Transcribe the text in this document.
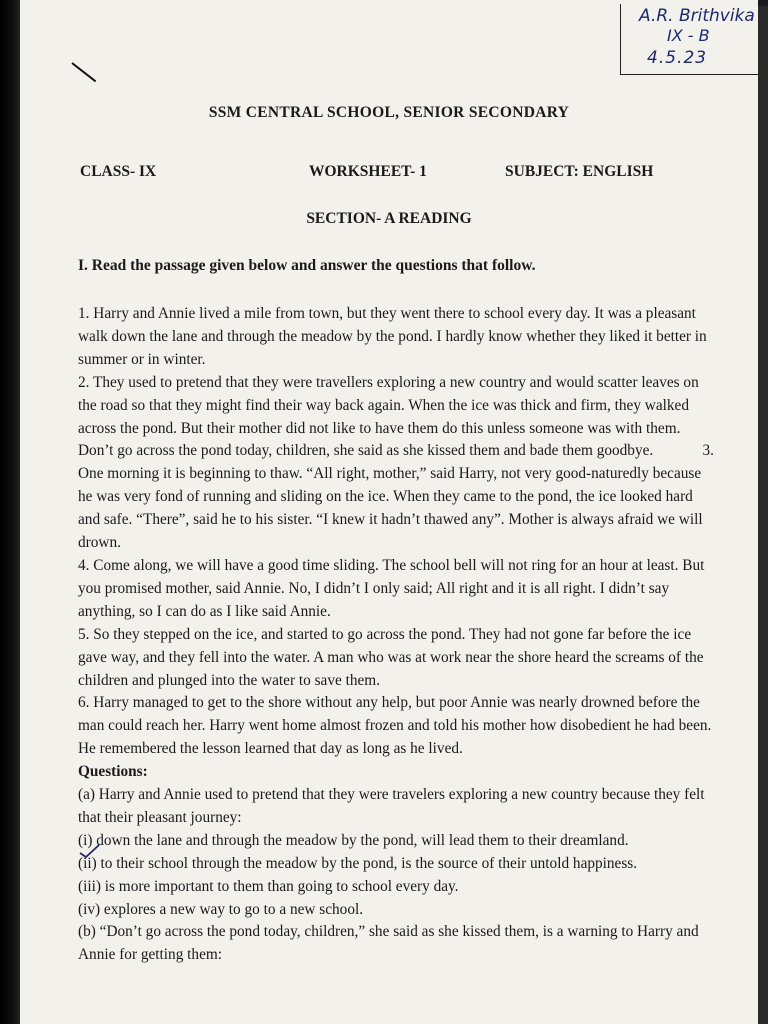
A.R. Brithvika
IX - B
4.5.23
SSM CENTRAL SCHOOL, SENIOR SECONDARY
CLASS- IX	WORKSHEET- 1	SUBJECT: ENGLISH
SECTION- A READING
I. Read the passage given below and answer the questions that follow.

1. Harry and Annie lived a mile from town, but they went there to school every day. It was a pleasant walk down the lane and through the meadow by the pond. I hardly know whether they liked it better in summer or in winter.

2. They used to pretend that they were travellers exploring a new country and would scatter leaves on the road so that they might find their way back again. When the ice was thick and firm, they walked across the pond. But their mother did not like to have them do this unless someone was with them. Don’t go across the pond today, children, she said as she kissed them and bade them goodbye.	3.

One morning it is beginning to thaw. “All right, mother,” said Harry, not very good-naturedly because he was very fond of running and sliding on the ice. When they came to the pond, the ice looked hard and safe. “There”, said he to his sister. “I knew it hadn’t thawed any”. Mother is always afraid we will drown.

4. Come along, we will have a good time sliding. The school bell will not ring for an hour at least. But you promised mother, said Annie. No, I didn’t I only said; All right and it is all right. I didn’t say anything, so I can do as I like said Annie.

5. So they stepped on the ice, and started to go across the pond. They had not gone far before the ice gave way, and they fell into the water. A man who was at work near the shore heard the screams of the children and plunged into the water to save them.

6. Harry managed to get to the shore without any help, but poor Annie was nearly drowned before the man could reach her. Harry went home almost frozen and told his mother how disobedient he had been. He remembered the lesson learned that day as long as he lived.

Questions:

(a) Harry and Annie used to pretend that they were travelers exploring a new country because they felt that their pleasant journey:

(i) down the lane and through the meadow by the pond, will lead them to their dreamland.

(ii) to their school through the meadow by the pond, is the source of their untold happiness.

(iii) is more important to them than going to school every day.

(iv) explores a new way to go to a new school.

(b) “Don’t go across the pond today, children,” she said as she kissed them, is a warning to Harry and Annie for getting them:
